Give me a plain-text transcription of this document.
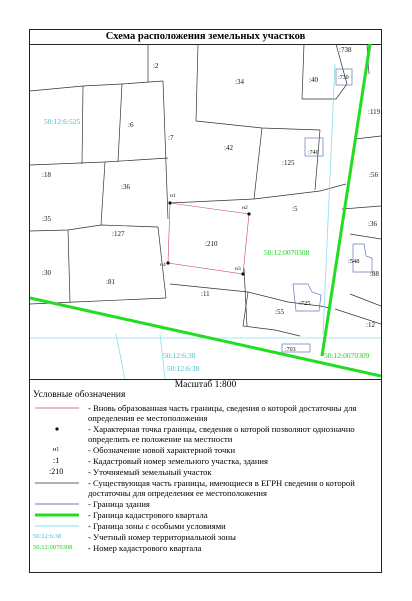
Схема расположения земельных участков
н1
н2
н3
н4
:738
:2
:34	:40	:730
:119
50:12:6:525	:6
:7
:42
:740
:125
:56
:18
:36
:5
:35
:127
:210
50:12:0070308
:36
:548
:30
:81
:88
:11
:725
:55
:12
50:12:6:38	50:12:0070309
50:12:6:38
:703
Масштаб 1:800
Условные обозначения
- Вновь образованная часть границы, сведения о которой достаточны для определения ее местоположения
- Характерная точка границы, сведения о которой позволяют однозначно определить ее положение на местности
н1	- Обозначение новой характерной точки
:1	- Кадастровый номер земельного участка, здания
:210	- Уточняемый земельный участок
- Существующая часть границы, имеющиеся в ЕГРН сведения о которой достаточны для определения ее местоположения
- Граница здания
- Граница кадастрового квартала
- Граница зоны с особыми условиями
50:12:6:38	- Учетный номер территориальной зоны
50:12:0070308	- Номер кадастрового квартала
